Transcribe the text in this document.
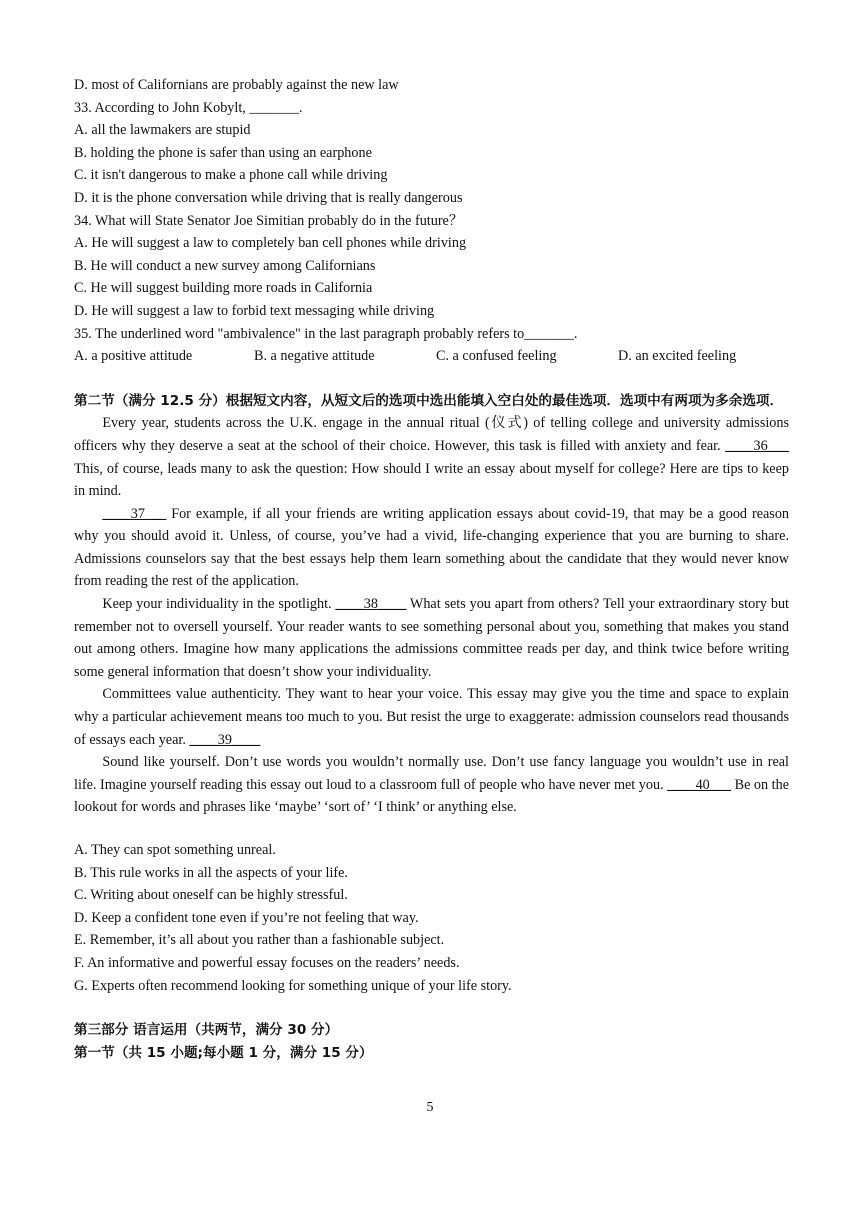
D. most of Californians are probably against the new law
33. According to John Kobylt, _______.
A. all the lawmakers are stupid
B. holding the phone is safer than using an earphone
C. it isn't dangerous to make a phone call while driving
D. it is the phone conversation while driving that is really dangerous
34. What will State Senator Joe Simitian probably do in the future？
A. He will suggest a law to completely ban cell phones while driving
B. He will conduct a new survey among Californians
C. He will suggest building more roads in California
D. He will suggest a law to forbid text messaging while driving
35. The underlined word "ambivalence" in the last paragraph probably refers to_______.
A. a positive attitude	B. a negative attitude	C. a confused feeling	D. an excited feeling
第二节（满分 12.5 分）根据短文内容，从短文后的选项中选出能填入空白处的最佳选项．选项中有两项为多余选项．
Every year, students across the U.K. engage in the annual ritual (仪式) of telling college and university admissions officers why they deserve a seat at the school of their choice. However, this task is filled with anxiety and fear. ____36___ This, of course, leads many to ask the question: How should I write an essay about myself for college? Here are tips to keep in mind.
____37___ For example, if all your friends are writing application essays about covid-19, that may be a good reason why you should avoid it. Unless, of course, you’ve had a vivid, life-changing experience that you are burning to share. Admissions counselors say that the best essays help them learn something about the candidate that they would never know from reading the rest of the application.
Keep your individuality in the spotlight. ____38____ What sets you apart from others? Tell your extraordinary story but remember not to oversell yourself. Your reader wants to see something personal about you, something that makes you stand out among others. Imagine how many applications the admissions committee reads per day, and think twice before writing some general information that doesn’t show your individuality.
Committees value authenticity. They want to hear your voice. This essay may give you the time and space to explain why a particular achievement means too much to you. But resist the urge to exaggerate: admission counselors read thousands of essays each year. ____39____
Sound like yourself. Don’t use words you wouldn’t normally use. Don’t use fancy language you wouldn’t use in real life. Imagine yourself reading this essay out loud to a classroom full of people who have never met you. ____40___ Be on the lookout for words and phrases like ‘maybe’ ‘sort of’ ‘I think’ or anything else.
A. They can spot something unreal.
B. This rule works in all the aspects of your life.
C. Writing about oneself can be highly stressful.
D. Keep a confident tone even if you’re not feeling that way.
E. Remember, it’s all about you rather than a fashionable subject.
F. An informative and powerful essay focuses on the readers’ needs.
G. Experts often recommend looking for something unique of your life story.
第三部分 语言运用（共两节，满分 30 分）
第一节（共 15 小题;每小题 1 分，满分 15 分）
5
